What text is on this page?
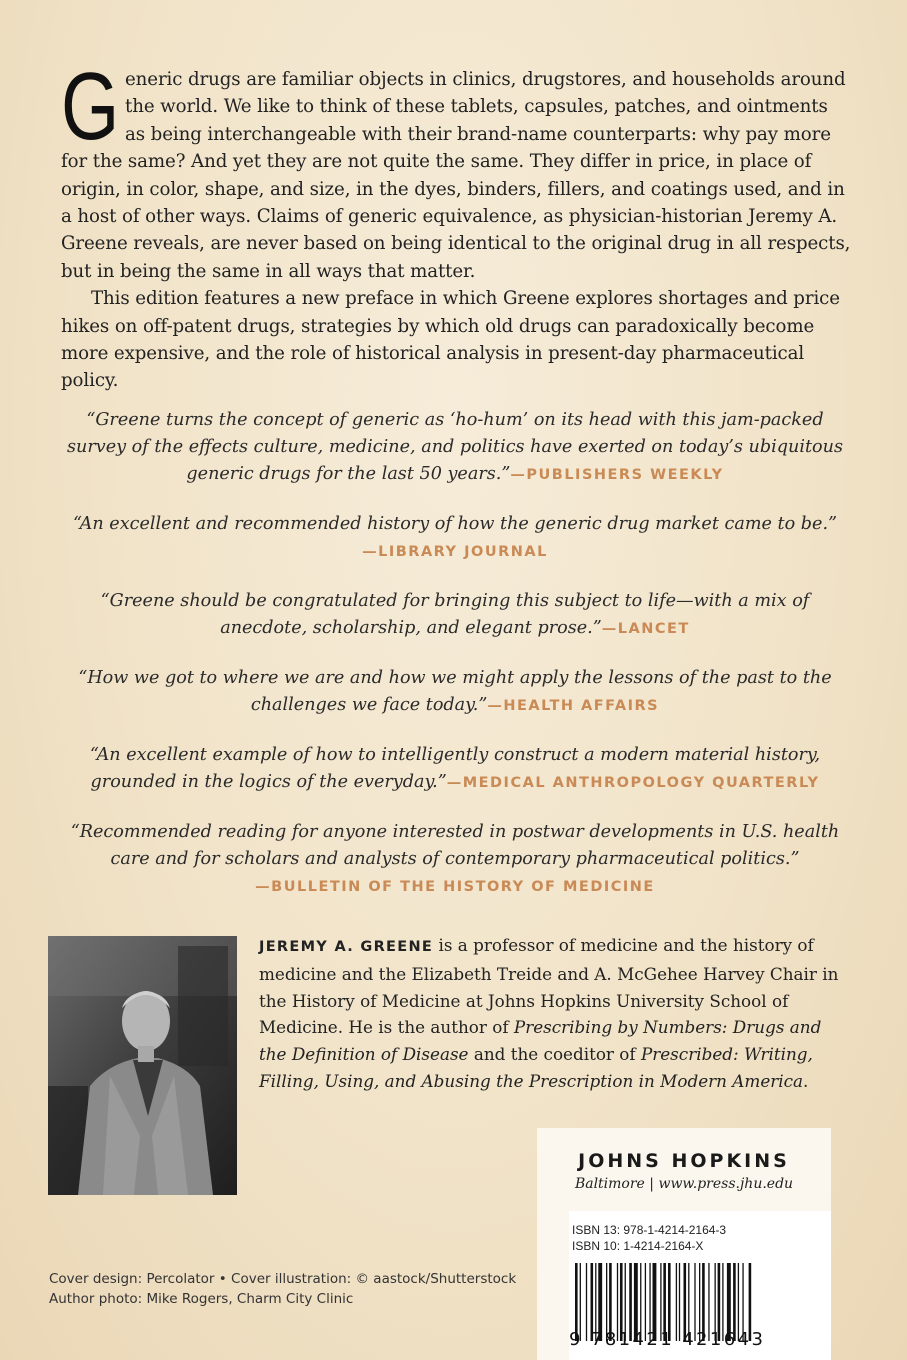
Generic drugs are familiar objects in clinics, drugstores, and households around the world. We like to think of these tablets, capsules, patches, and ointments as being interchangeable with their brand-name counterparts: why pay more for the same? And yet they are not quite the same. They differ in price, in place of origin, in color, shape, and size, in the dyes, binders, fillers, and coatings used, and in a host of other ways. Claims of generic equivalence, as physician-historian Jeremy A. Greene reveals, are never based on being identical to the original drug in all respects, but in being the same in all ways that matter.

This edition features a new preface in which Greene explores shortages and price hikes on off-patent drugs, strategies by which old drugs can paradoxically become more expensive, and the role of historical analysis in present-day pharmaceutical policy.

“Greene turns the concept of generic as ‘ho-hum’ on its head with this jam-packed survey of the effects culture, medicine, and politics have exerted on today’s ubiquitous generic drugs for the last 50 years.”—PUBLISHERS WEEKLY

“An excellent and recommended history of how the generic drug market came to be.”
—LIBRARY JOURNAL

“Greene should be congratulated for bringing this subject to life—with a mix of anecdote, scholarship, and elegant prose.”—LANCET

“How we got to where we are and how we might apply the lessons of the past to the challenges we face today.”—HEALTH AFFAIRS

“An excellent example of how to intelligently construct a modern material history, grounded in the logics of the everyday.”—MEDICAL ANTHROPOLOGY QUARTERLY

“Recommended reading for anyone interested in postwar developments in U.S. health care and for scholars and analysts of contemporary pharmaceutical politics.”
—BULLETIN OF THE HISTORY OF MEDICINE

JEREMY A. GREENE is a professor of medicine and the history of medicine and the Elizabeth Treide and A. McGehee Harvey Chair in the History of Medicine at Johns Hopkins University School of Medicine. He is the author of Prescribing by Numbers: Drugs and the Definition of Disease and the coeditor of Prescribed: Writing, Filling, Using, and Abusing the Prescription in Modern America.
JOHNS HOPKINS
Baltimore | www.press.jhu.edu
ISBN 13: 978-1-4214-2164-3
ISBN 10: 1-4214-2164-X
9 781421 421643
Cover design: Percolator • Cover illustration: © aastock/Shutterstock
Author photo: Mike Rogers, Charm City Clinic
